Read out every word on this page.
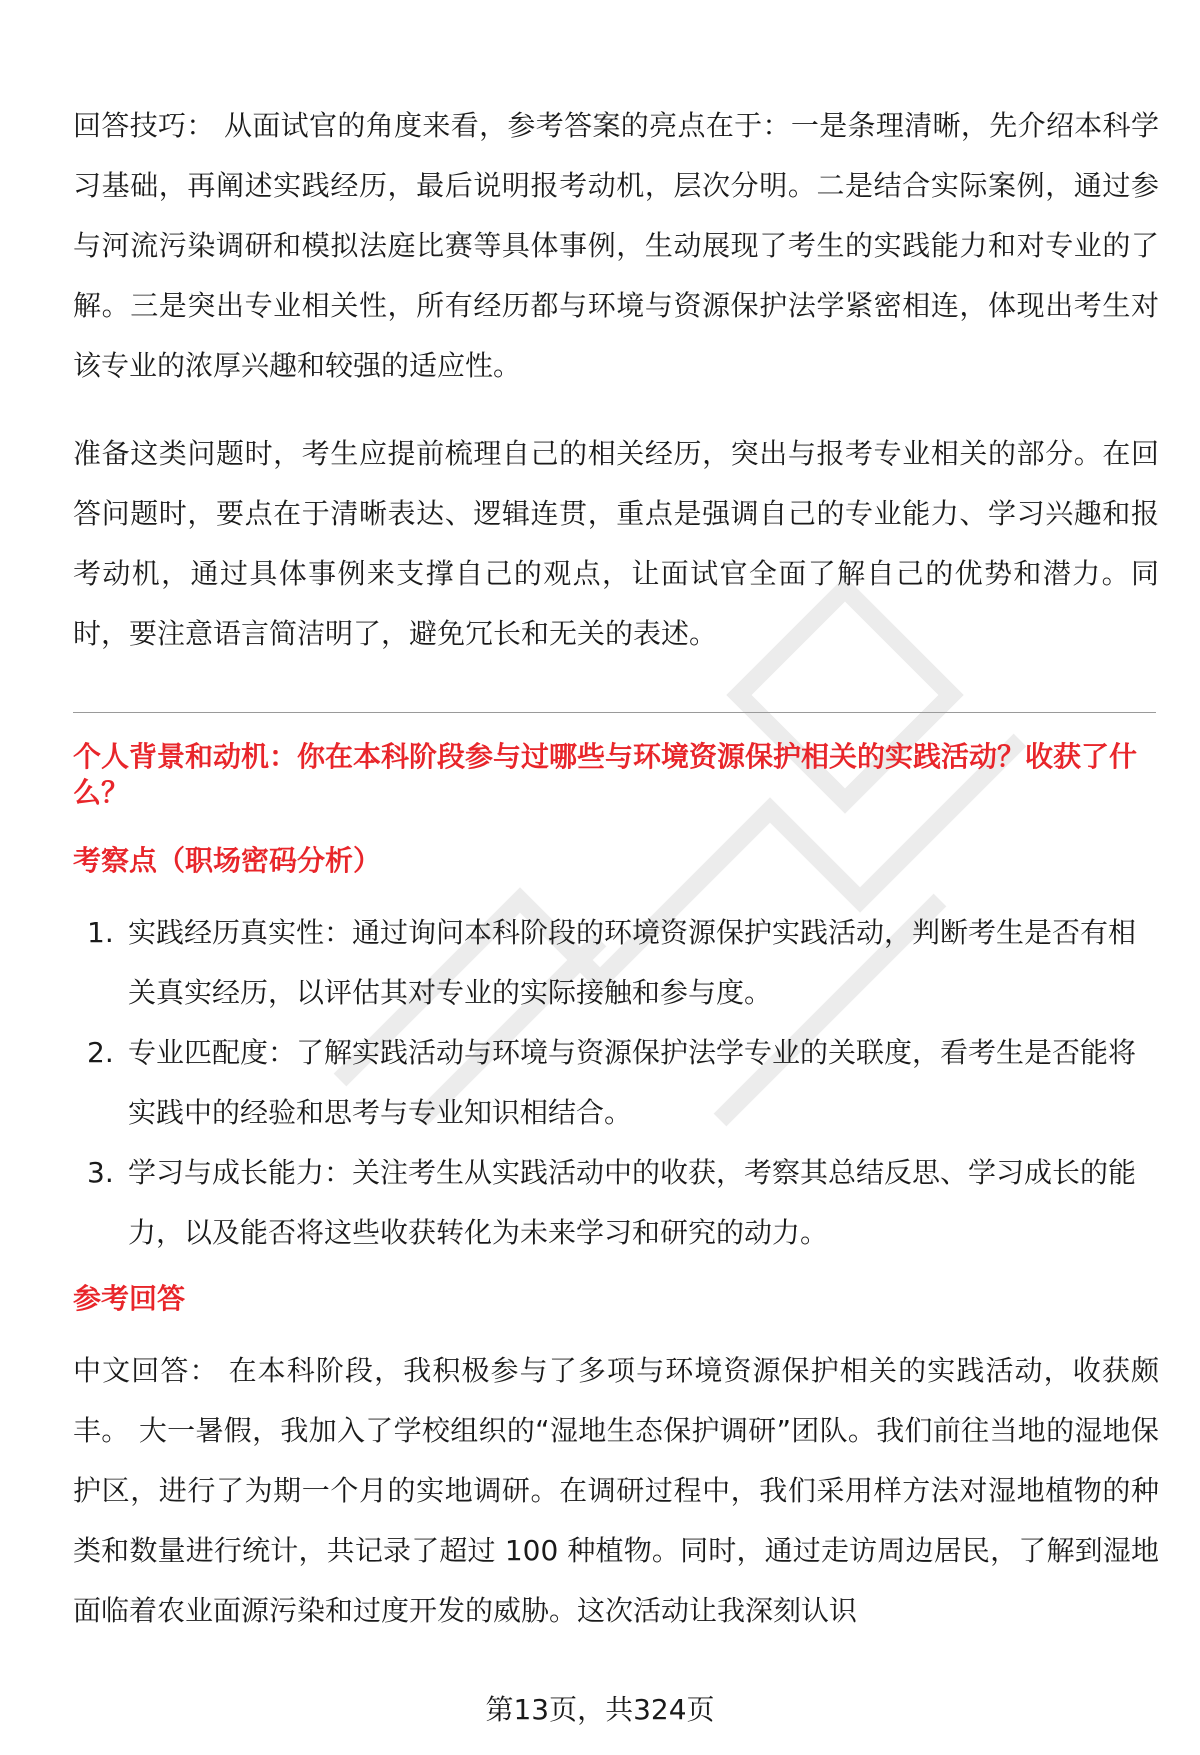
回答技巧： 从面试官的角度来看，参考答案的亮点在于：一是条理清晰，先介绍本科学习基础，再阐述实践经历，最后说明报考动机，层次分明。二是结合实际案例，通过参与河流污染调研和模拟法庭比赛等具体事例，生动展现了考生的实践能力和对专业的了解。三是突出专业相关性，所有经历都与环境与资源保护法学紧密相连，体现出考生对该专业的浓厚兴趣和较强的适应性。

准备这类问题时，考生应提前梳理自己的相关经历，突出与报考专业相关的部分。在回答问题时，要点在于清晰表达、逻辑连贯，重点是强调自己的专业能力、学习兴趣和报考动机，通过具体事例来支撑自己的观点，让面试官全面了解自己的优势和潜力。同时，要注意语言简洁明了，避免冗长和无关的表述。

个人背景和动机：你在本科阶段参与过哪些与环境资源保护相关的实践活动？收获了什么？

考察点（职场密码分析）

1. 实践经历真实性：通过询问本科阶段的环境资源保护实践活动，判断考生是否有相关真实经历，以评估其对专业的实际接触和参与度。
2. 专业匹配度：了解实践活动与环境与资源保护法学专业的关联度，看考生是否能将实践中的经验和思考与专业知识相结合。
3. 学习与成长能力：关注考生从实践活动中的收获，考察其总结反思、学习成长的能力，以及能否将这些收获转化为未来学习和研究的动力。

参考回答

中文回答： 在本科阶段，我积极参与了多项与环境资源保护相关的实践活动，收获颇丰。 大一暑假，我加入了学校组织的“湿地生态保护调研”团队。我们前往当地的湿地保护区，进行了为期一个月的实地调研。在调研过程中，我们采用样方法对湿地植物的种类和数量进行统计，共记录了超过 100 种植物。同时，通过走访周边居民，了解到湿地面临着农业面源污染和过度开发的威胁。这次活动让我深刻认识

第13页，共324页
